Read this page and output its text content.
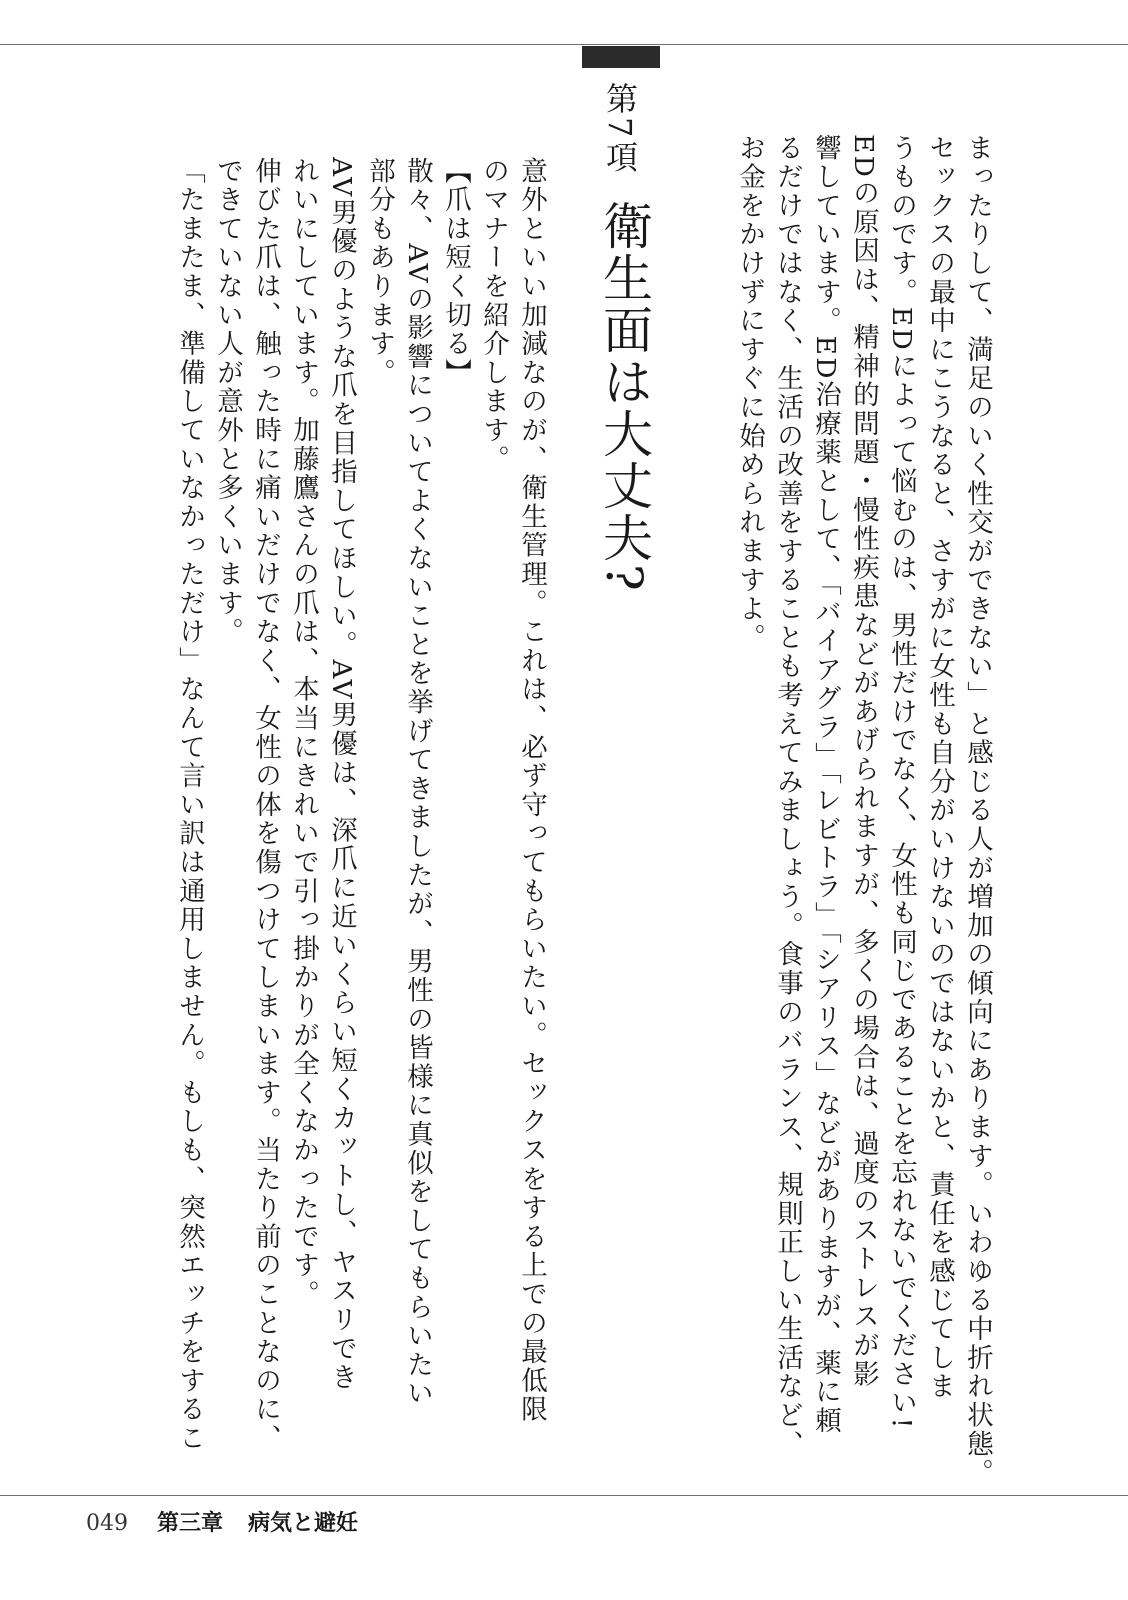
まったりして、満足のいく性交ができない」と感じる人が増加の傾向にあります。いわゆる中折れ状態。
セックスの最中にこうなると、さすがに女性も自分がいけないのではないかと、責任を感じてしま
うものです。EDによって悩むのは、男性だけでなく、女性も同じであることを忘れないでください!
EDの原因は、精神的問題・慢性疾患などがあげられますが、多くの場合は、過度のストレスが影
響しています。ED治療薬として、「バイアグラ」「レビトラ」「シアリス」などがありますが、薬に頼
るだけではなく、生活の改善をすることも考えてみましょう。食事のバランス、規則正しい生活など、
お金をかけずにすぐに始められますよ。
第7項
衛生面は大丈夫?
意外といい加減なのが、衛生管理。これは、必ず守ってもらいたい。セックスをする上での最低限
のマナーを紹介します。
【爪は短く切る】
散々、AVの影響についてよくないことを挙げてきましたが、男性の皆様に真似をしてもらいたい
部分もあります。
AV男優のような爪を目指してほしい。AV男優は、深爪に近いくらい短くカットし、ヤスリでき
れいにしています。加藤鷹さんの爪は、本当にきれいで引っ掛かりが全くなかったです。
伸びた爪は、触った時に痛いだけでなく、女性の体を傷つけてしまいます。当たり前のことなのに、
できていない人が意外と多くいます。
「たまたま、準備していなかっただけ」なんて言い訳は通用しません。もしも、突然エッチをするこ
049 第三章 病気と避妊
